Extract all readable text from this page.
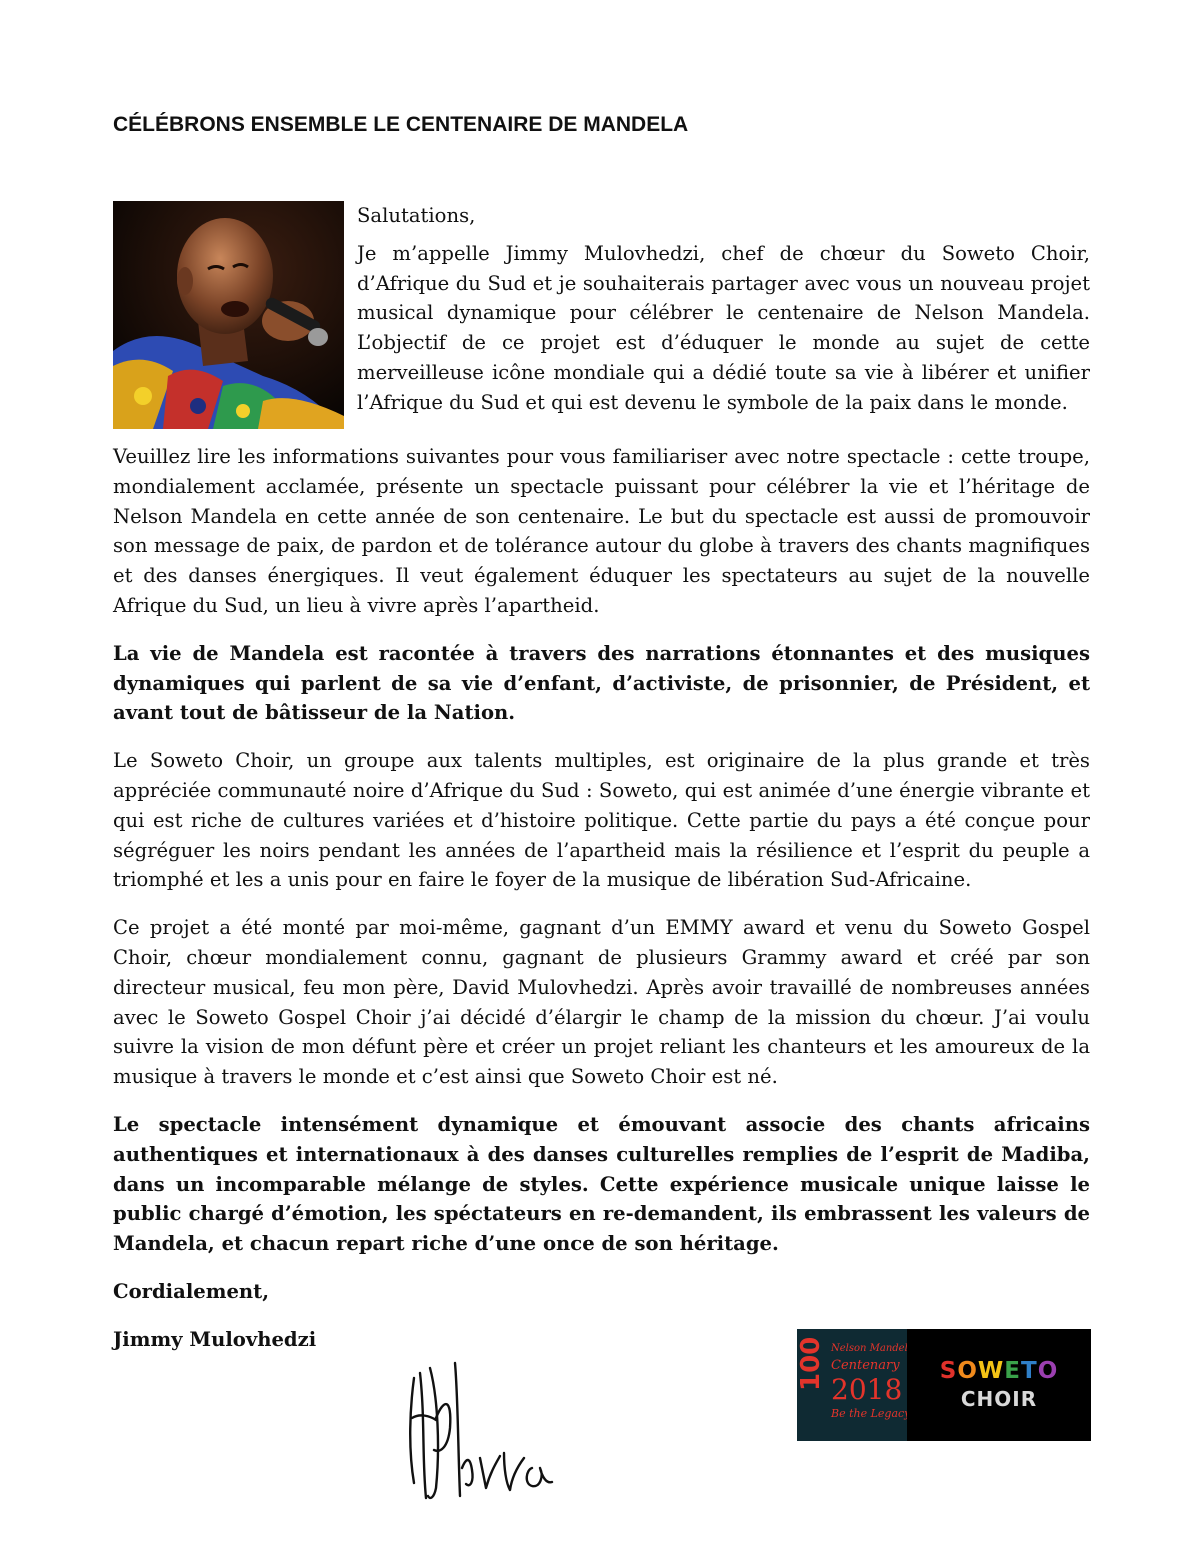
CÉLÉBRONS ENSEMBLE LE CENTENAIRE DE MANDELA

Salutations,

Je m’appelle Jimmy Mulovhedzi, chef de chœur du Soweto Choir, d’Afrique du Sud et je souhaiterais partager avec vous un nouveau projet musical dynamique pour célébrer le centenaire de Nelson Mandela. L’objectif de ce projet est d’éduquer le monde au sujet de cette merveilleuse icône mondiale qui a dédié toute sa vie à libérer et unifier l’Afrique du Sud et qui est devenu le symbole de la paix dans le monde.

Veuillez lire les informations suivantes pour vous familiariser avec notre spectacle : cette troupe, mondialement acclamée, présente un spectacle puissant pour célébrer la vie et l’héritage de Nelson Mandela en cette année de son centenaire. Le but du spectacle est aussi de promouvoir son message de paix, de pardon et de tolérance autour du globe à travers des chants magnifiques et des danses énergiques. Il veut également éduquer les spectateurs au sujet de la nouvelle Afrique du Sud, un lieu à vivre après l’apartheid.

La vie de Mandela est racontée à travers des narrations étonnantes et des musiques dynamiques qui parlent de sa vie d’enfant, d’activiste, de prisonnier, de Président, et avant tout de bâtisseur de la Nation.

Le Soweto Choir, un groupe aux talents multiples, est originaire de la plus grande et très appréciée communauté noire d’Afrique du Sud : Soweto, qui est animée d’une énergie vibrante et qui est riche de cultures variées et d’histoire politique. Cette partie du pays a été conçue pour ségréguer les noirs pendant les années de l’apartheid mais la résilience et l’esprit du peuple a triomphé et les a unis pour en faire le foyer de la musique de libération Sud-Africaine.

Ce projet a été monté par moi-même, gagnant d’un EMMY award et venu du Soweto Gospel Choir, chœur mondialement connu, gagnant de plusieurs Grammy award et créé par son directeur musical, feu mon père, David Mulovhedzi. Après avoir travaillé de nombreuses années avec le Soweto Gospel Choir j’ai décidé d’élargir le champ de la mission du chœur. J’ai voulu suivre la vision de mon défunt père et créer un projet reliant les chanteurs et les amoureux de la musique à travers le monde et c’est ainsi que Soweto Choir est né.

Le spectacle intensément dynamique et émouvant associe des chants africains authentiques et internationaux à des danses culturelles remplies de l’esprit de Madiba, dans un incomparable mélange de styles. Cette expérience musicale unique laisse le public chargé d’émotion, les spéctateurs en re-demandent, ils embrassent les valeurs de Mandela, et chacun repart riche d’une once de son héritage.

Cordialement,

Jimmy Mulovhedzi	100 Nelson Mandela
Centenary
2018
Be the Legacy
SOWETO
CHOIR
